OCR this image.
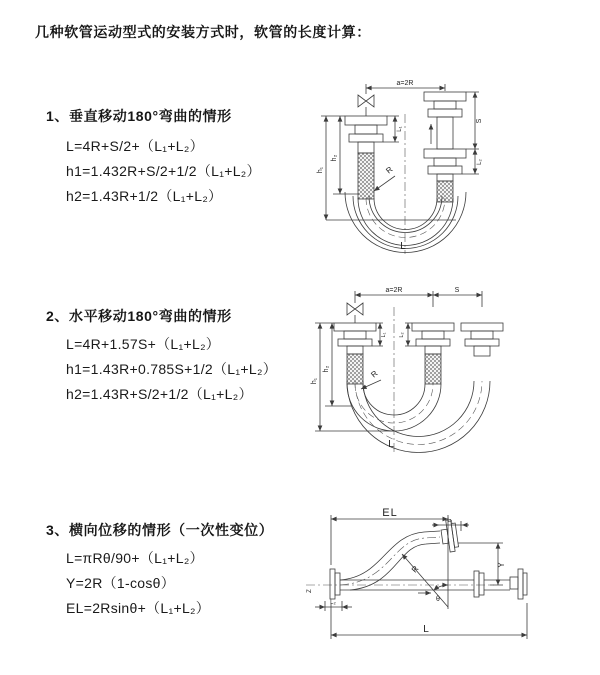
几种软管运动型式的安装方式时，软管的长度计算：
1、垂直移动180°弯曲的情形
L=4R+S/2+（L₁+L₂）
h1=1.432R+S/2+1/2（L₁+L₂）
h2=1.43R+1/2（L₁+L₂）
a=2R
L₁
S
L₂
R
L
h₁
h₂
2、水平移动180°弯曲的情形
L=4R+1.57S+（L₁+L₂）
h1=1.43R+0.785S+1/2（L₁+L₂）
h2=1.43R+S/2+1/2（L₁+L₂）
a=2R	S
L₁ L₂
R
L
h₁
h₂
3、横向位移的情形（一次性变位）
L=πRθ/90+（L₁+L₂）
Y=2R（1-cosθ）
EL=2Rsinθ+（L₁+L₂）
EL
L₁
Z
Y
R
θ
L₂
L
